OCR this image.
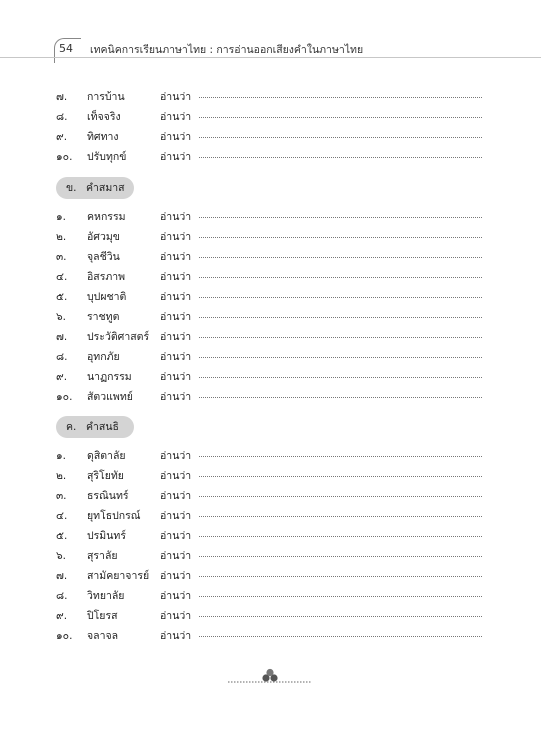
54	เทคนิคการเรียนภาษาไทย : การอ่านออกเสียงคำในภาษาไทย
๗.	การบ้าน	อ่านว่า
๘.	เท็จจริง	อ่านว่า
๙.	ทิศทาง	อ่านว่า
๑๐.	ปรับทุกข์	อ่านว่า
ข. คำสมาส
๑.	คหกรรม	อ่านว่า
๒.	อัศวมุข	อ่านว่า
๓.	จุลชีวิน	อ่านว่า
๔.	อิสรภาพ	อ่านว่า
๕.	บุปผชาติ	อ่านว่า
๖.	ราชทูต	อ่านว่า
๗.	ประวัติศาสตร์ อ่านว่า
๘.	อุทกภัย	อ่านว่า
๙.	นาฏกรรม	อ่านว่า
๑๐.	สัตวแพทย์	อ่านว่า
ค. คำสนธิ
๑.	ดุสิตาลัย	อ่านว่า
๒.	สุริโยทัย	อ่านว่า
๓.	ธรณินทร์	อ่านว่า
๔.	ยุทโธปกรณ์ อ่านว่า
๕.	ปรมินทร์	อ่านว่า
๖.	สุราลัย	อ่านว่า
๗.	สามัคยาจารย์ อ่านว่า
๘.	วิทยาลัย	อ่านว่า
๙.	ปิโยรส	อ่านว่า
๑๐.	จลาจล	อ่านว่า
